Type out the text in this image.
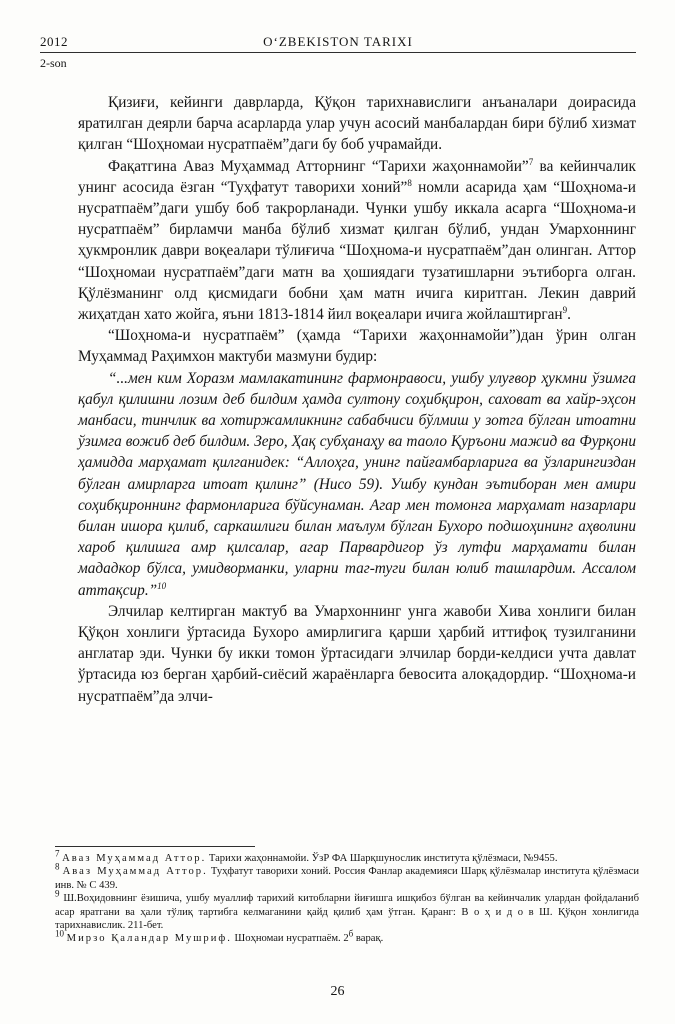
2012	O‘ZBEKISTON TARIXI
2-son

Қизиғи, кейинги даврларда, Қўқон тарихнавислиги анъаналари доирасида яратилган деярли барча асарларда улар учун асосий манбалардан бири бўлиб хизмат қилган “Шоҳномаи нусратпаём”даги бу боб учрамайди.

Фақатгина Аваз Муҳаммад Атторнинг “Тарихи жаҳоннамойи”$^7$ ва кейинчалик унинг асосида ёзган “Туҳфатут таворихи хоний”$^8$ номли асарида ҳам “Шоҳнома-и нусратпаём”даги ушбу боб такрорланади. Чунки ушбу иккала асарга “Шоҳнома-и нусратпаём” бирламчи манба бўлиб хизмат қилган бўлиб, ундан Умархоннинг ҳукмронлик даври воқеалари тўлиғича “Шоҳнома-и нусратпаём”дан олинган. Аттор “Шоҳномаи нусратпаём”даги матн ва ҳошиядаги тузатишларни эътиборга олган. Қўлёзманинг олд қисмидаги бобни ҳам матн ичига киритган. Лекин даврий жиҳатдан хато жойга, яъни 1813-1814 йил воқеалари ичига жойлаштирган$^9$.

“Шоҳнома-и нусратпаём” (ҳамда “Тарихи жаҳоннамойи”)дан ўрин олган Муҳаммад Раҳимхон мактуби мазмуни будир:

“...мен ким Хоразм мамлакатининг фармонравоси, ушбу улуғвор ҳукмни ўзимга қабул қилишни лозим деб билдим ҳамда султону соҳибқирон, саховат ва хайр-эҳсон манбаси, тинчлик ва хотиржамликнинг сабабчиси бўлмиш у зотга бўлган итоатни ўзимга вожиб деб билдим. Зеро, Ҳақ субҳанаҳу ва таоло Қуръони мажид ва Фурқони ҳамидда марҳамат қилганидек: “Аллоҳга, унинг пайғамбарларига ва ўзларингиздан бўлган амирларга итоат қилинг” (Нисо 59). Ушбу кундан эътиборан мен амири соҳибқироннинг фармонларига бўйсунаман. Агар мен томонга марҳамат назарлари билан ишора қилиб, саркашлиги билан маълум бўлган Бухоро подшоҳининг аҳволини хароб қилишга амр қилсалар, агар Парвардигор ўз лутфи марҳамати билан мададкор бўлса, умидворманки, уларни таг-туги билан юлиб ташлардим. Ассалом аттақсир.”$^{10}$

Элчилар келтирган мактуб ва Умархоннинг унга жавоби Хива хонлиги билан Қўқон хонлиги ўртасида Бухоро амирлигига қарши ҳарбий иттифоқ тузилганини англатар эди. Чунки бу икки томон ўртасидаги элчилар борди-келдиси учта давлат ўртасида юз берган ҳарбий-сиёсий жараёнларга бевосита алоқадордир. “Шоҳнома-и нусратпаём”да элчи-

$^7$ Аваз Муҳаммад Аттор. Тарихи жаҳоннамойи. ЎзР ФА Шарқшунослик института қўлёзмаси, №9455.
$^8$ Аваз Муҳаммад Аттор. Туҳфатут таворихи хоний. Россия Фанлар академияси Шарқ қўлёзмалар института қўлёзмаси инв. № С 439.
$^9$ Ш.Воҳидовнинг ёзишича, ушбу муаллиф тарихий китобларни йиғишга ишқибоз бўлган ва кейинчалик улардан фойдаланиб асар яратгани ва ҳали тўлиқ тартибга келмаганини қайд қилиб ҳам ўтган. Қаранг: В о ҳ и д о в Ш. Қўқон хонлигида тарихнавислик. 211-бет.
$^{10}$ Мирзо Қаландар Мушриф. Шоҳномаи нусратпаём. $2^б$ варақ.
26
